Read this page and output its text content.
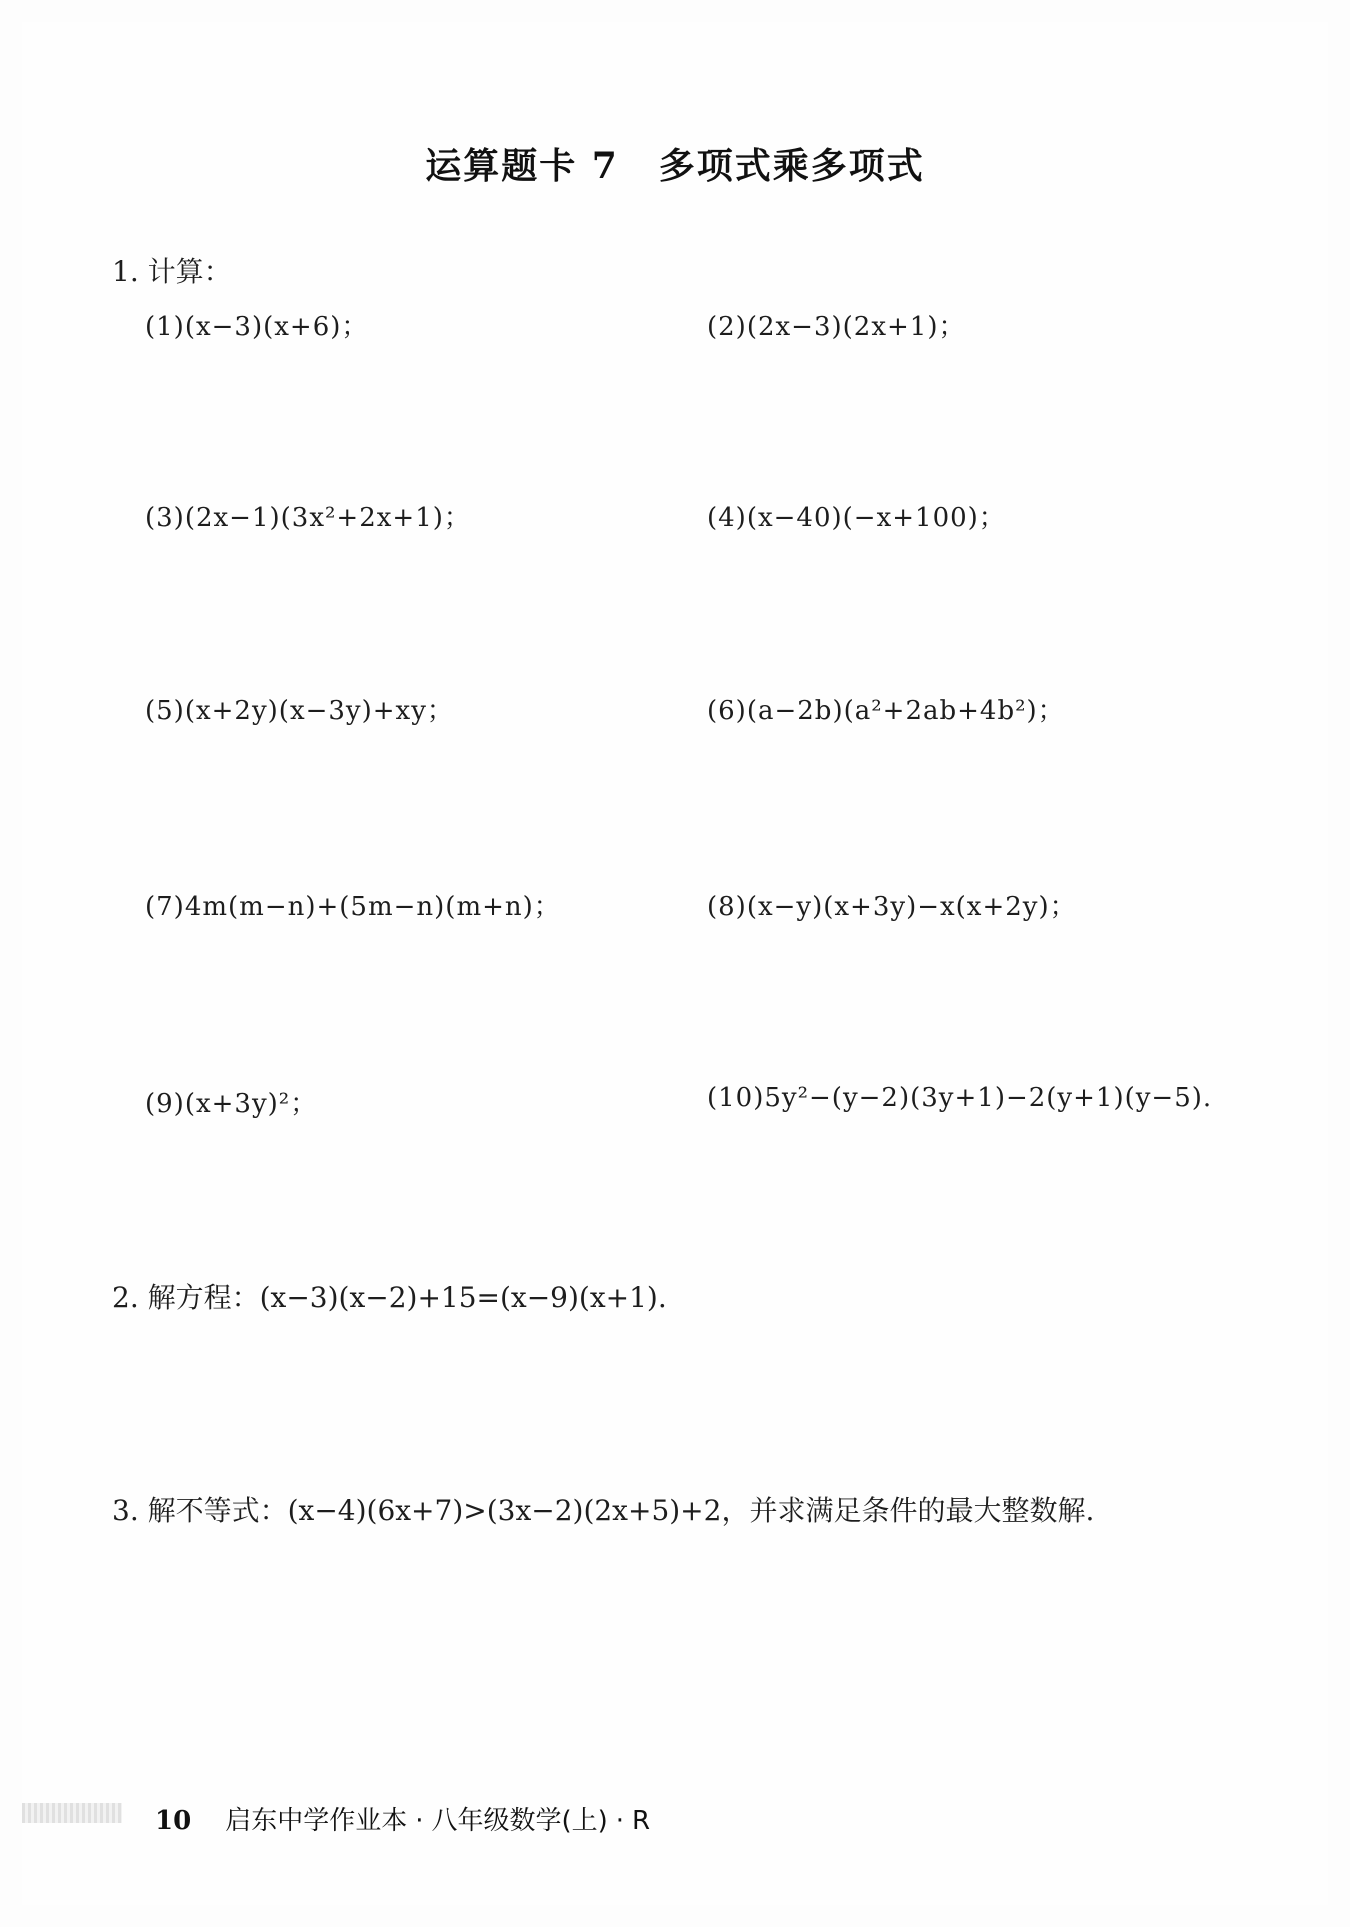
运算题卡 7 多项式乘多项式
1. 计算：
(1)(x−3)(x+6)；	(2)(2x−3)(2x+1)；
(3)(2x−1)(3x²+2x+1)；	(4)(x−40)(−x+100)；
(5)(x+2y)(x−3y)+xy；	(6)(a−2b)(a²+2ab+4b²)；
(7)4m(m−n)+(5m−n)(m+n)；	(8)(x−y)(x+3y)−x(x+2y)；
(9)(x+3y)²；	(10)5y²−(y−2)(3y+1)−2(y+1)(y−5).
2. 解方程：(x−3)(x−2)+15=(x−9)(x+1).
3. 解不等式：(x−4)(6x+7)>(3x−2)(2x+5)+2，并求满足条件的最大整数解.
10 启东中学作业本 · 八年级数学(上) · R
